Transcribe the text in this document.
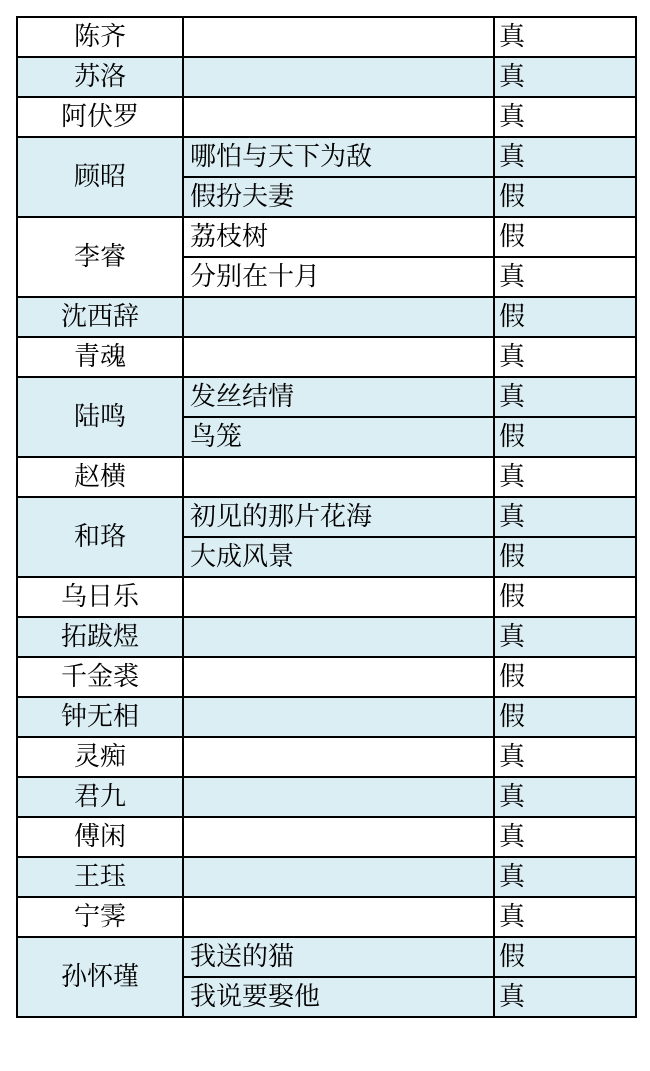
陈齐		真
苏洛		真
阿伏罗		真
顾昭	哪怕与天下为敌	真
	假扮夫妻	假
李睿	荔枝树	假
	分别在十月	真
沈西辞		假
青魂		真
陆鸣	发丝结情	真
	鸟笼	假
赵横		真
和珞	初见的那片花海	真
	大成风景	假
乌日乐		假
拓跋煜		真
千金裘		假
钟无相		假
灵痴		真
君九		真
傅闲		真
王珏		真
宁霁		真
孙怀瑾	我送的猫	假
	我说要娶他	真
